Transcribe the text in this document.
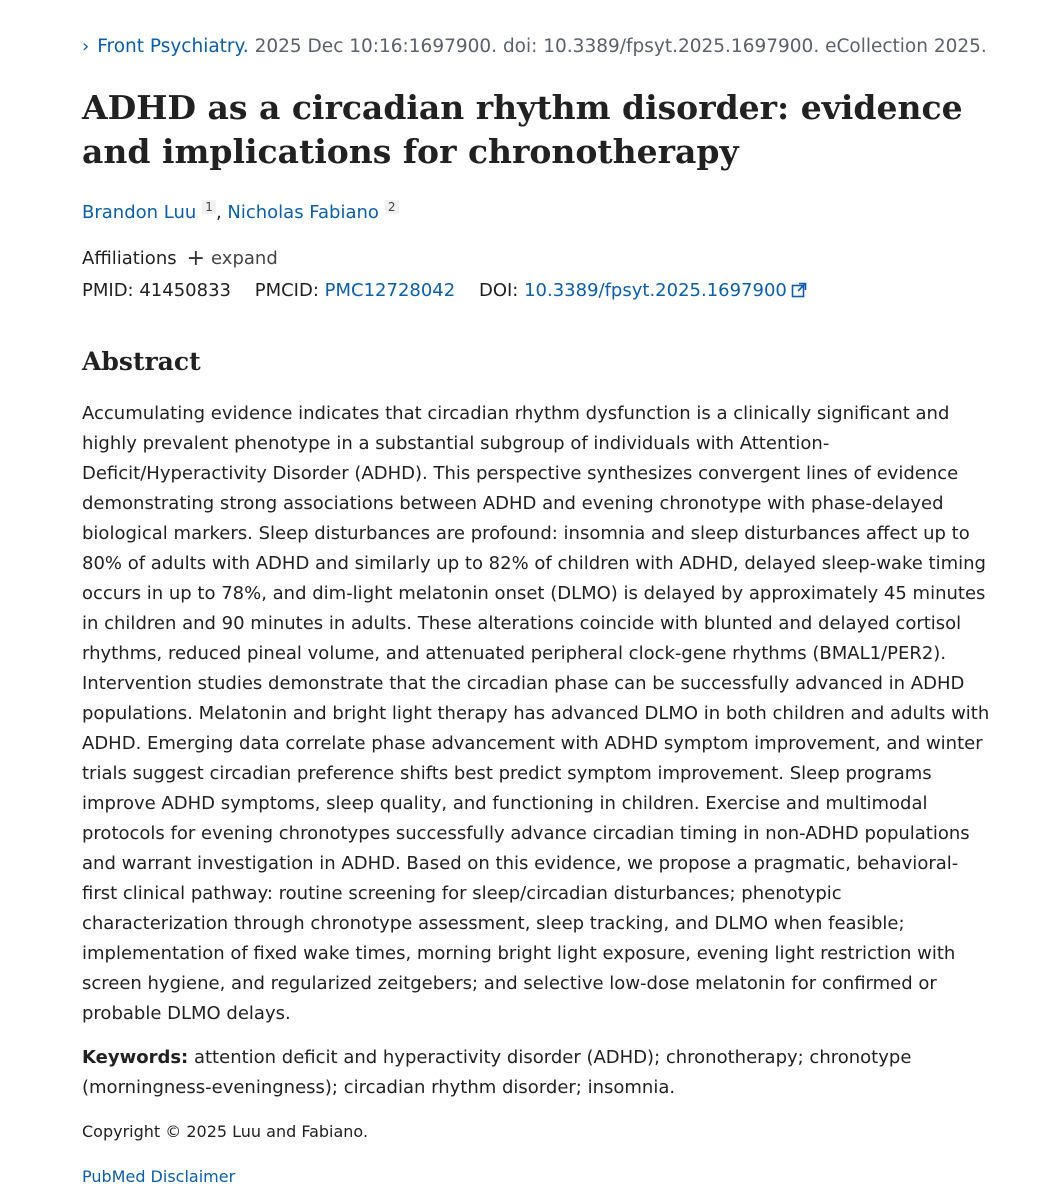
› Front Psychiatry. 2025 Dec 10:16:1697900. doi: 10.3389/fpsyt.2025.1697900. eCollection 2025.
ADHD as a circadian rhythm disorder: evidence and implications for chronotherapy
Brandon Luu $^1$ , Nicholas Fabiano $^2$
Affiliations + expand
PMID: 41450833 PMCID: PMC12728042 DOI: 10.3389/fpsyt.2025.1697900
Abstract

Accumulating evidence indicates that circadian rhythm dysfunction is a clinically significant and highly prevalent phenotype in a substantial subgroup of individuals with Attention-Deficit/Hyperactivity Disorder (ADHD). This perspective synthesizes convergent lines of evidence demonstrating strong associations between ADHD and evening chronotype with phase-delayed biological markers. Sleep disturbances are profound: insomnia and sleep disturbances affect up to 80% of adults with ADHD and similarly up to 82% of children with ADHD, delayed sleep-wake timing occurs in up to 78%, and dim-light melatonin onset (DLMO) is delayed by approximately 45 minutes in children and 90 minutes in adults. These alterations coincide with blunted and delayed cortisol rhythms, reduced pineal volume, and attenuated peripheral clock-gene rhythms (BMAL1/PER2). Intervention studies demonstrate that the circadian phase can be successfully advanced in ADHD populations. Melatonin and bright light therapy has advanced DLMO in both children and adults with ADHD. Emerging data correlate phase advancement with ADHD symptom improvement, and winter trials suggest circadian preference shifts best predict symptom improvement. Sleep programs improve ADHD symptoms, sleep quality, and functioning in children. Exercise and multimodal protocols for evening chronotypes successfully advance circadian timing in non-ADHD populations and warrant investigation in ADHD. Based on this evidence, we propose a pragmatic, behavioral-first clinical pathway: routine screening for sleep/circadian disturbances; phenotypic characterization through chronotype assessment, sleep tracking, and DLMO when feasible; implementation of fixed wake times, morning bright light exposure, evening light restriction with screen hygiene, and regularized zeitgebers; and selective low-dose melatonin for confirmed or probable DLMO delays.

Keywords: attention deficit and hyperactivity disorder (ADHD); chronotherapy; chronotype (morningness-eveningness); circadian rhythm disorder; insomnia.

Copyright © 2025 Luu and Fabiano.
PubMed Disclaimer
